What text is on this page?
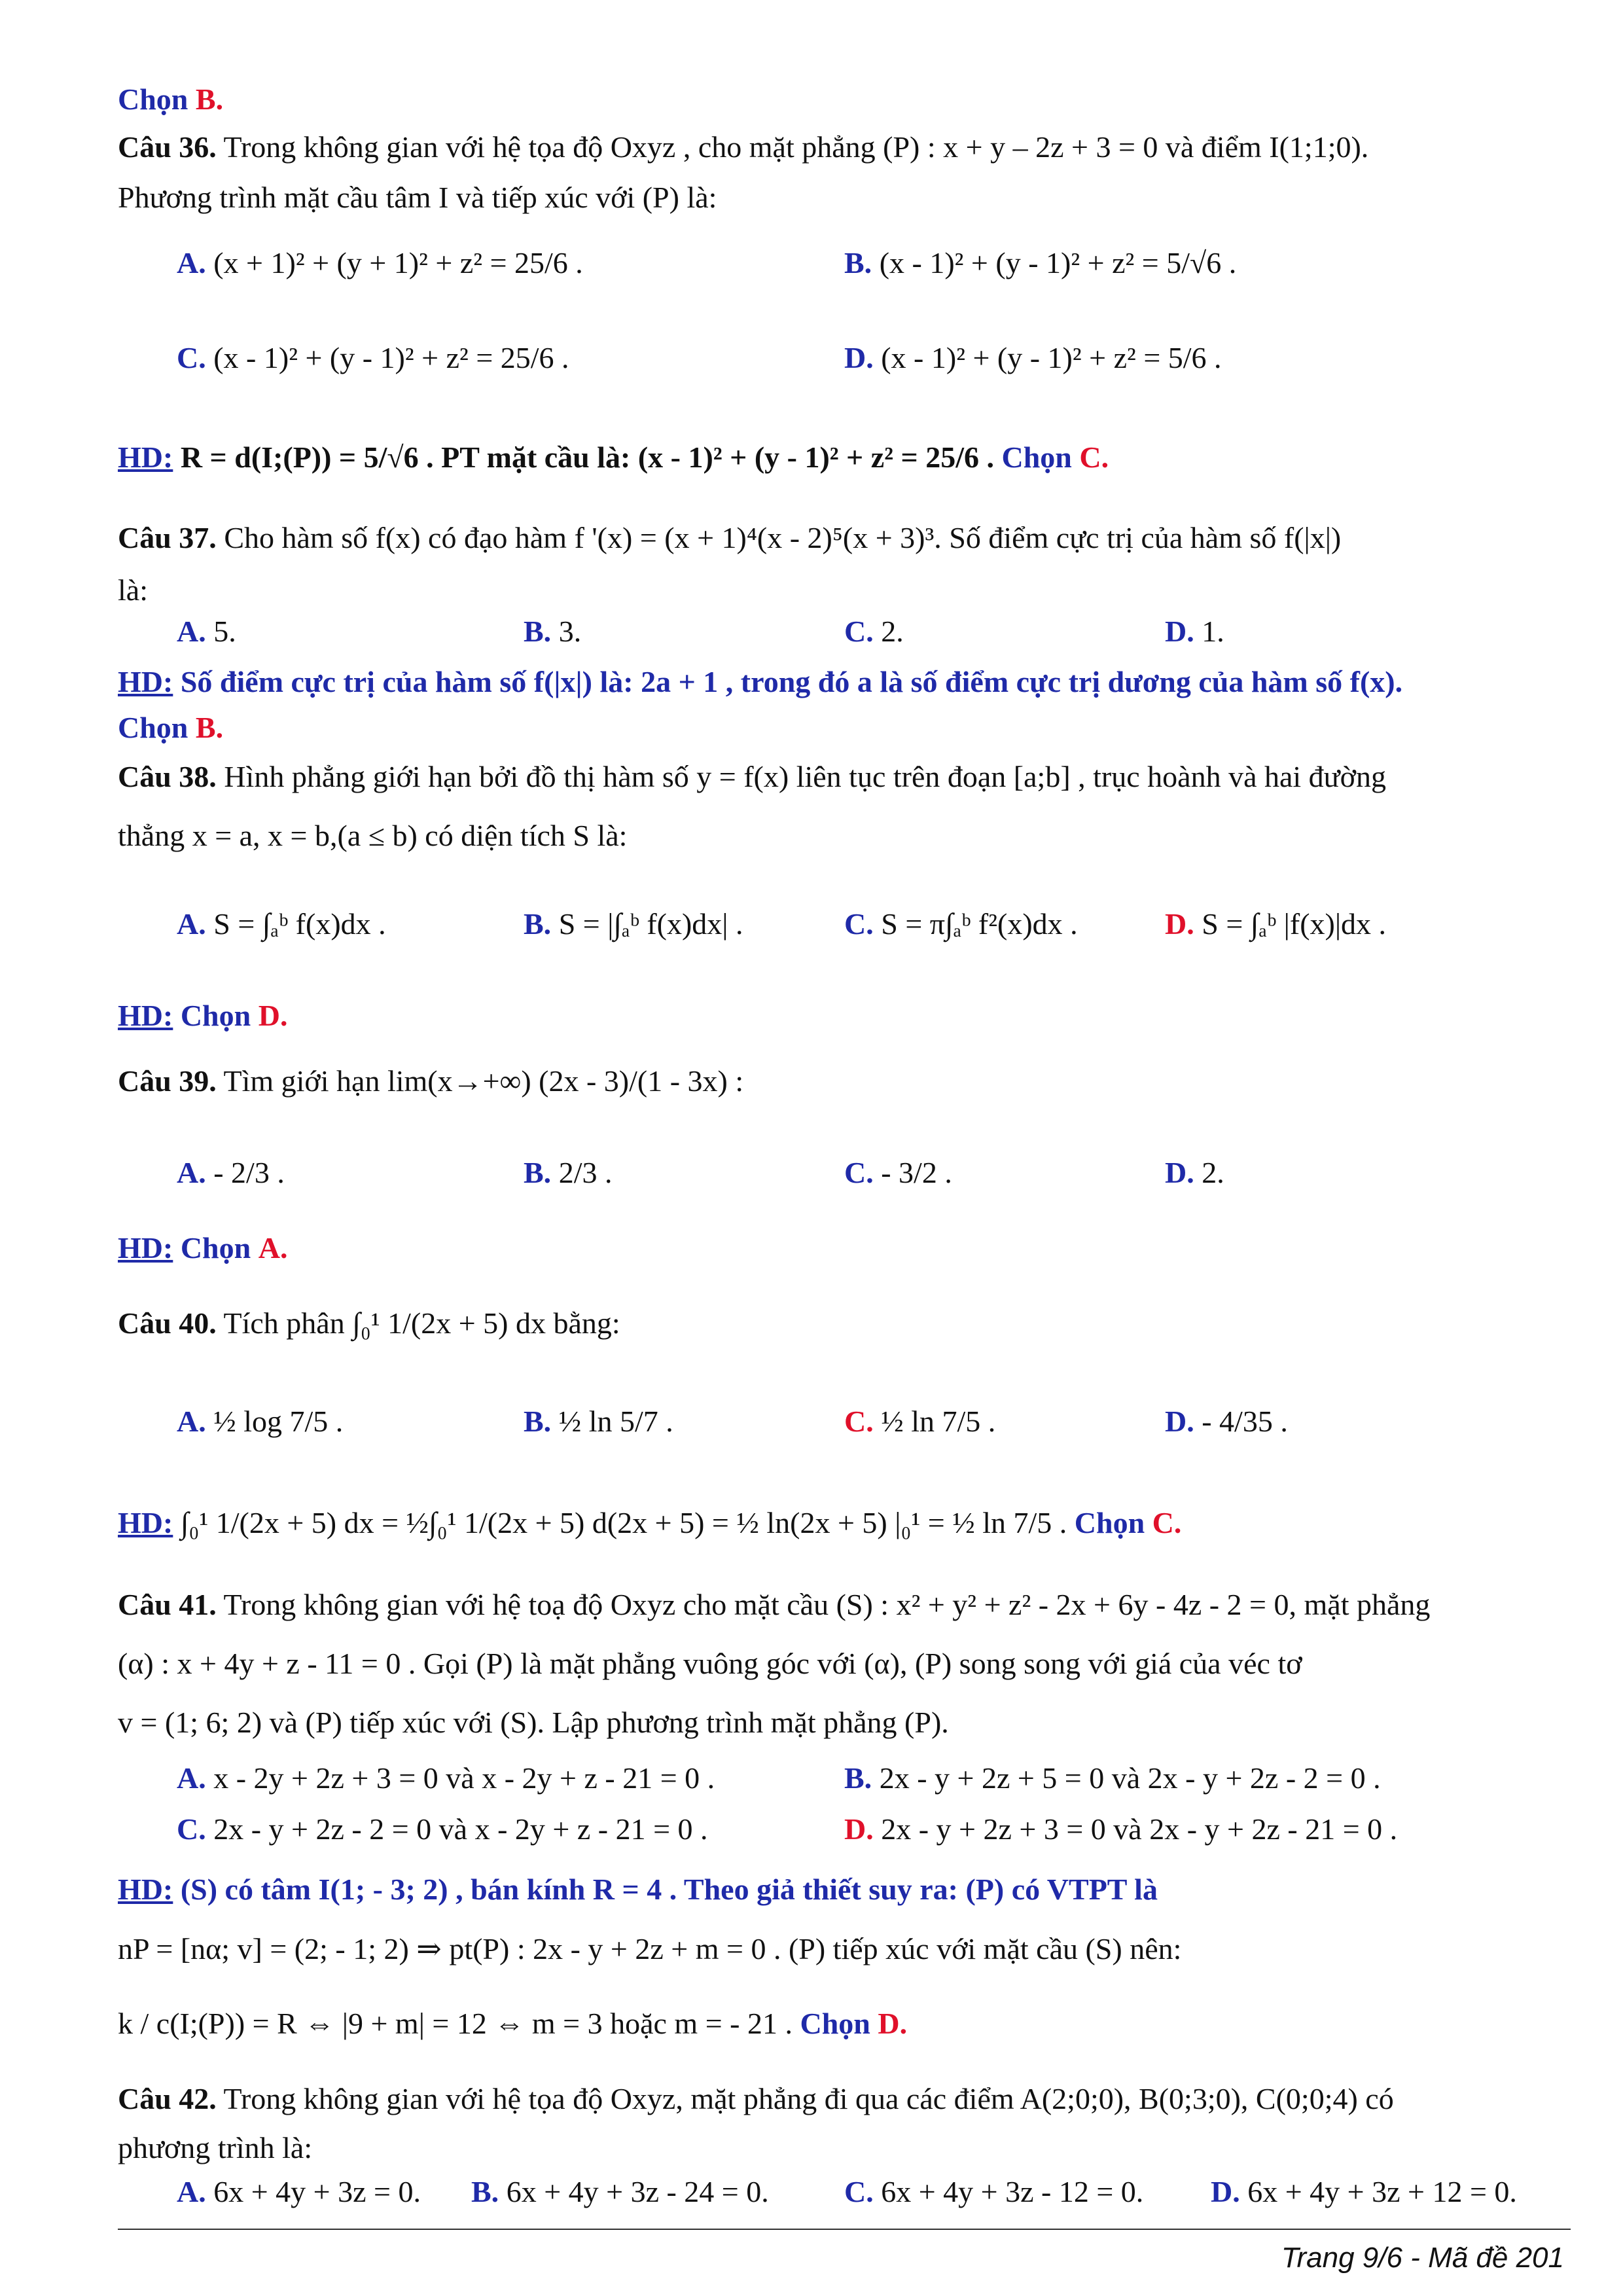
Chọn B.
Câu 36. Trong không gian với hệ tọa độ Oxyz , cho mặt phẳng (P) : x + y – 2z + 3 = 0 và điểm I(1;1;0).
Phương trình mặt cầu tâm I và tiếp xúc với (P) là:
A. (x + 1)² + (y + 1)² + z² = 25/6 .	B. (x - 1)² + (y - 1)² + z² = 5/√6 .
C. (x - 1)² + (y - 1)² + z² = 25/6 .	D. (x - 1)² + (y - 1)² + z² = 5/6 .
HD: R = d(I;(P)) = 5/√6 . PT mặt cầu là: (x - 1)² + (y - 1)² + z² = 25/6 . Chọn C.
Câu 37. Cho hàm số f(x) có đạo hàm f '(x) = (x + 1)⁴(x - 2)⁵(x + 3)³. Số điểm cực trị của hàm số f(|x|)
là:
A. 5.	B. 3.	C. 2.	D. 1.
HD: Số điểm cực trị của hàm số f(|x|) là: 2a + 1 , trong đó a là số điểm cực trị dương của hàm số f(x).
Chọn B.
Câu 38. Hình phẳng giới hạn bởi đồ thị hàm số y = f(x) liên tục trên đoạn [a;b] , trục hoành và hai đường
thẳng x = a, x = b,(a ≤ b) có diện tích S là:
A. S = ∫ₐᵇ f(x)dx .	B. S = |∫ₐᵇ f(x)dx| .	C. S = π∫ₐᵇ f²(x)dx .	D. S = ∫ₐᵇ |f(x)|dx .
HD: Chọn D.
Câu 39. Tìm giới hạn lim(x→+∞) (2x - 3)/(1 - 3x) :
A. - 2/3 .	B. 2/3 .	C. - 3/2 .	D. 2.
HD: Chọn A.
Câu 40. Tích phân ∫₀¹ 1/(2x + 5) dx bằng:
A. ½ log 7/5 .	B. ½ ln 5/7 .	C. ½ ln 7/5 .	D. - 4/35 .
HD: ∫₀¹ 1/(2x + 5) dx = ½∫₀¹ 1/(2x + 5) d(2x + 5) = ½ ln(2x + 5) |₀¹ = ½ ln 7/5 . Chọn C.
Câu 41. Trong không gian với hệ toạ độ Oxyz cho mặt cầu (S) : x² + y² + z² - 2x + 6y - 4z - 2 = 0, mặt phẳng
(α) : x + 4y + z - 11 = 0 . Gọi (P) là mặt phẳng vuông góc với (α), (P) song song với giá của véc tơ
v = (1; 6; 2) và (P) tiếp xúc với (S). Lập phương trình mặt phẳng (P).
A. x - 2y + 2z + 3 = 0 và x - 2y + z - 21 = 0 .	B. 2x - y + 2z + 5 = 0 và 2x - y + 2z - 2 = 0 .
C. 2x - y + 2z - 2 = 0 và x - 2y + z - 21 = 0 .	D. 2x - y + 2z + 3 = 0 và 2x - y + 2z - 21 = 0 .
HD: (S) có tâm I(1; - 3; 2) , bán kính R = 4 . Theo giả thiết suy ra: (P) có VTPT là
nP = [nα; v] = (2; - 1; 2) ⇒ pt(P) : 2x - y + 2z + m = 0 . (P) tiếp xúc với mặt cầu (S) nên:
k / c(I;(P)) = R ⇔ |9 + m| = 12 ⇔ m = 3 hoặc m = - 21 . Chọn D.
Câu 42. Trong không gian với hệ tọa độ Oxyz, mặt phẳng đi qua các điểm A(2;0;0), B(0;3;0), C(0;0;4) có
phương trình là:
A. 6x + 4y + 3z = 0. B. 6x + 4y + 3z - 24 = 0.	C. 6x + 4y + 3z - 12 = 0. D. 6x + 4y + 3z + 12 = 0.
Trang 9/6 - Mã đề 201
